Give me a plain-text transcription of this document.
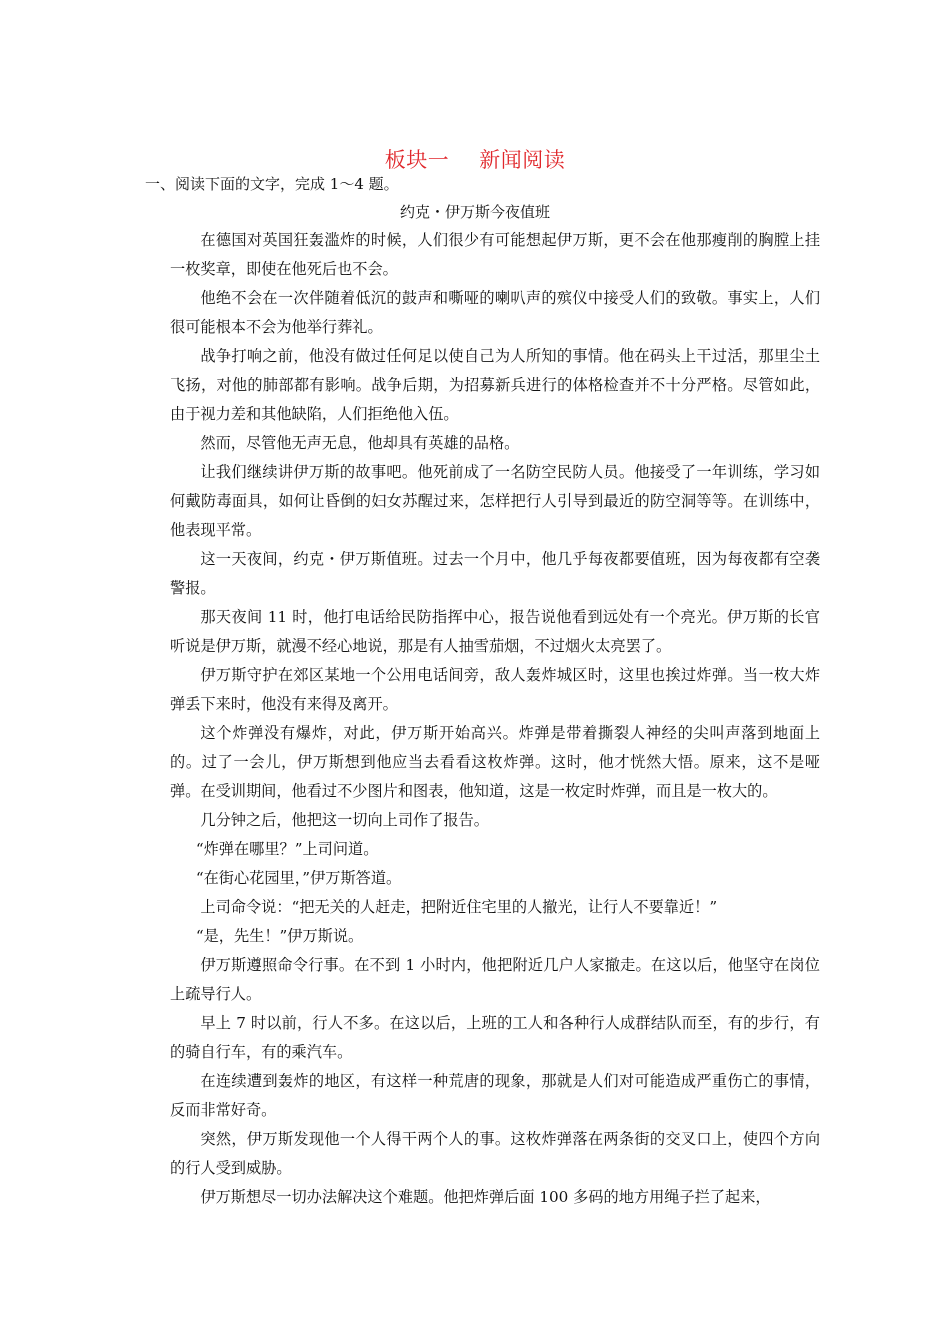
板块一 新闻阅读
一、阅读下面的文字，完成 1～4 题。
约克・伊万斯今夜值班

在德国对英国狂轰滥炸的时候，人们很少有可能想起伊万斯，更不会在他那瘦削的胸膛上挂一枚奖章，即使在他死后也不会。

他绝不会在一次伴随着低沉的鼓声和嘶哑的喇叭声的殡仪中接受人们的致敬。事实上，人们很可能根本不会为他举行葬礼。

战争打响之前，他没有做过任何足以使自己为人所知的事情。他在码头上干过活，那里尘土飞扬，对他的肺部都有影响。战争后期，为招募新兵进行的体格检查并不十分严格。尽管如此，由于视力差和其他缺陷，人们拒绝他入伍。

然而，尽管他无声无息，他却具有英雄的品格。

让我们继续讲伊万斯的故事吧。他死前成了一名防空民防人员。他接受了一年训练，学习如何戴防毒面具，如何让昏倒的妇女苏醒过来，怎样把行人引导到最近的防空洞等等。在训练中，他表现平常。

这一天夜间，约克・伊万斯值班。过去一个月中，他几乎每夜都要值班，因为每夜都有空袭警报。

那天夜间 11 时，他打电话给民防指挥中心，报告说他看到远处有一个亮光。伊万斯的长官听说是伊万斯，就漫不经心地说，那是有人抽雪茄烟，不过烟火太亮罢了。

伊万斯守护在郊区某地一个公用电话间旁，敌人轰炸城区时，这里也挨过炸弹。当一枚大炸弹丢下来时，他没有来得及离开。

这个炸弹没有爆炸，对此，伊万斯开始高兴。炸弹是带着撕裂人神经的尖叫声落到地面上的。过了一会儿，伊万斯想到他应当去看看这枚炸弹。这时，他才恍然大悟。原来，这不是哑弹。在受训期间，他看过不少图片和图表，他知道，这是一枚定时炸弹，而且是一枚大的。

几分钟之后，他把这一切向上司作了报告。

“炸弹在哪里？”上司问道。

“在街心花园里，”伊万斯答道。

上司命令说：“把无关的人赶走，把附近住宅里的人撤光，让行人不要靠近！”

“是，先生！”伊万斯说。

伊万斯遵照命令行事。在不到 1 小时内，他把附近几户人家撤走。在这以后，他坚守在岗位上疏导行人。

早上 7 时以前，行人不多。在这以后，上班的工人和各种行人成群结队而至，有的步行，有的骑自行车，有的乘汽车。

在连续遭到轰炸的地区，有这样一种荒唐的现象，那就是人们对可能造成严重伤亡的事情，反而非常好奇。

突然，伊万斯发现他一个人得干两个人的事。这枚炸弹落在两条街的交叉口上，使四个方向的行人受到威胁。

伊万斯想尽一切办法解决这个难题。他把炸弹后面 100 多码的地方用绳子拦了起来，
